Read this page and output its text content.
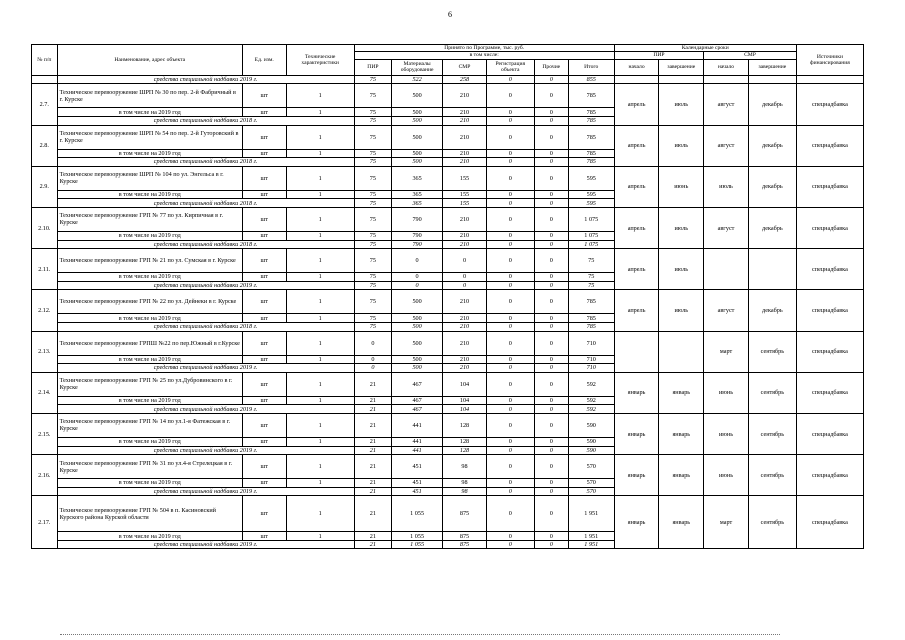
6
№ п/п	Наименование, адрес объекта	Ед. изм.	Технические характеристики	Принято по Программе, тыс. руб.						Календарные сроки				Источники финансирования
				в том числе:						ПИР		СМР		
				ПИР	Материалы оборудование	СМР	Регистрация объекта	Прочие	Итого	начало	завершение	начало	завершение	
	средства специальной надбавки 2019 г.			75	522	258	0	0	855					
2.7.	Техническое перевооружение ШРП № 30 по пер. 2-й Фабричный в г. Курске	шт	1	75	500	210	0	0	785	апрель	июль	август	декабрь	спецнадбавка
	в том числе на 2019 год	шт	1	75	500	210	0	0	785					
	средства специальной надбавки 2018 г.			75	500	210	0	0	785					
2.8.	Техническое перевооружение ШРП № 54 по пер. 2-й Гуторовский в г. Курске	шт	1	75	500	210	0	0	785	апрель	июль	август	декабрь	спецнадбавка
	в том числе на 2019 год	шт	1	75	500	210	0	0	785					
	средства специальной надбавки 2018 г.			75	500	210	0	0	785					
2.9.	Техническое перевооружение ШРП № 104 по ул. Энгельса в г. Курске	шт	1	75	365	155	0	0	595	апрель	июнь	июль	декабрь	спецнадбавка
	в том числе на 2019 год	шт	1	75	365	155	0	0	595					
	средства специальной надбавки 2018 г.			75	365	155	0	0	595					
2.10.	Техническое перевооружение ГРП № 77 по ул. Кирпичная в г. Курске	шт	1	75	790	210	0	0	1 075	апрель	июль	август	декабрь	спецнадбавка
	в том числе на 2019 год	шт	1	75	790	210	0	0	1 075					
	средства специальной надбавки 2018 г.			75	790	210	0	0	1 075					
2.11.	Техническое перевооружение ГРП № 21 по ул. Сумская в г. Курске	шт	1	75	0	0	0	0	75	апрель	июль			спецнадбавка
	в том числе на 2019 год	шт	1	75	0	0	0	0	75					
	средства специальной надбавки 2019 г.			75	0	0	0	0	75					
2.12.	Техническое перевооружение ГРП № 22 по ул. Дейнеки в г. Курске	шт	1	75	500	210	0	0	785	апрель	июль	август	декабрь	спецнадбавка
	в том числе на 2019 год	шт	1	75	500	210	0	0	785					
	средства специальной надбавки 2018 г.			75	500	210	0	0	785					
2.13.	Техническое перевооружение ГРПШ №22 по пер.Южный в г.Курске	шт	1	0	500	210	0	0	710			март	сентябрь	спецнадбавка
	в том числе на 2019 год	шт	1	0	500	210	0	0	710					
	средства специальной надбавки 2019 г.			0	500	210	0	0	710					
2.14.	Техническое перевооружение ГРП № 25 по ул.Дубровинского в г. Курске	шт	1	21	467	104	0	0	592	январь	январь	июнь	сентябрь	спецнадбавка
	в том числе на 2019 год	шт	1	21	467	104	0	0	592					
	средства специальной надбавки 2019 г.			21	467	104	0	0	592					
2.15.	Техническое перевооружение ГРП № 14 по ул.1-я Фатежская в г. Курске	шт	1	21	441	128	0	0	590	январь	январь	июнь	сентябрь	спецнадбавка
	в том числе на 2019 год	шт	1	21	441	128	0	0	590					
	средства специальной надбавки 2019 г.			21	441	128	0	0	590					
2.16.	Техническое перевооружение ГРП № 31 по ул.4-я Стрелецкая в г. Курске	шт	1	21	451	98	0	0	570	январь	январь	июнь	сентябрь	спецнадбавка
	в том числе на 2019 год	шт	1	21	451	98	0	0	570					
	средства специальной надбавки 2019 г.			21	451	98	0	0	570					
2.17.	Техническое перевооружение ГРП № 504 в п. Касиновский Курского района Курской области	шт	1	21	1 055	875	0	0	1 951	январь	январь	март	сентябрь	спецнадбавка
	в том числе на 2019 год	шт	1	21	1 055	875	0	0	1 951					
	средства специальной надбавки 2019 г.			21	1 055	875	0	0	1 951					
